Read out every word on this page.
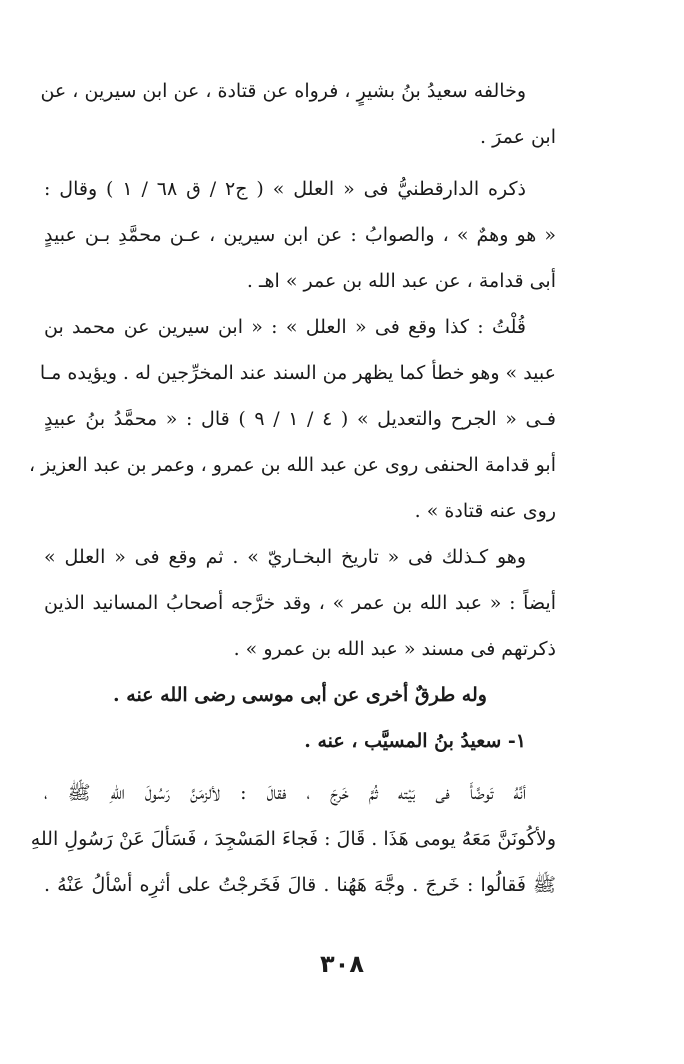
وخالفه سعيدُ بنُ بشيرٍ ، فرواه عن قتادة ، عن ابن سيرين ، عن
ابن عمرَ .
ذكره الدارقطنيُّ فى « العلل » ( ج٢ / ق ٦٨ / ١ ) وقال :
« هو وهمٌ » ، والصوابُ : عن ابن سيرين ، عـن محمَّدِ بـن عبيدٍ
أبى قدامة ، عن عبد الله بن عمر » اهـ .
قُلْتُ : كذا وقع فى « العلل » : « ابن سيرين عن محمد بن
عبيد » وهو خطأ كما يظهر من السند عند المخرِّجين له . ويؤيده مـا
فـى « الجرح والتعديل » ( ٤ / ١ / ٩ ) قال : « محمَّدُ بنُ عبيدٍ
أبو قدامة الحنفى روى عن عبد الله بن عمرو ، وعمر بن عبد العزيز ،
روى عنه قتادة » .
وهو كـذلك فى « تاريخ البخـاريّ » . ثم وقع فى « العلل »
أيضاً : « عبد الله بن عمر » ، وقد خرَّجه أصحابُ المسانيد الذين
ذكرتهم فى مسند « عبد الله بن عمرو » .
وله طرقٌ أخرى عن أبى موسى رضى الله عنه .
١- سعيدُ بنُ المسيَّب ، عنه .
أنَّهُ تَوضَّأَ فى بَيْته ثُمَّ خَرجَ ، فقالَ : لألزمَنَّ رَسُولَ اللهِ ﷺ ،
ولأكُونَنَّ مَعَهُ يومى هَذَا . قَالَ : فَجاءَ المَسْجِدَ ، فَسَألَ عَنْ رَسُولِ اللهِ
ﷺ فَقالُوا : خَرجَ . وجَّهَ هَهُنا . قالَ فَخَرجْتُ على أثرِه أسْألُ عَنْهُ .
٣٠٨
